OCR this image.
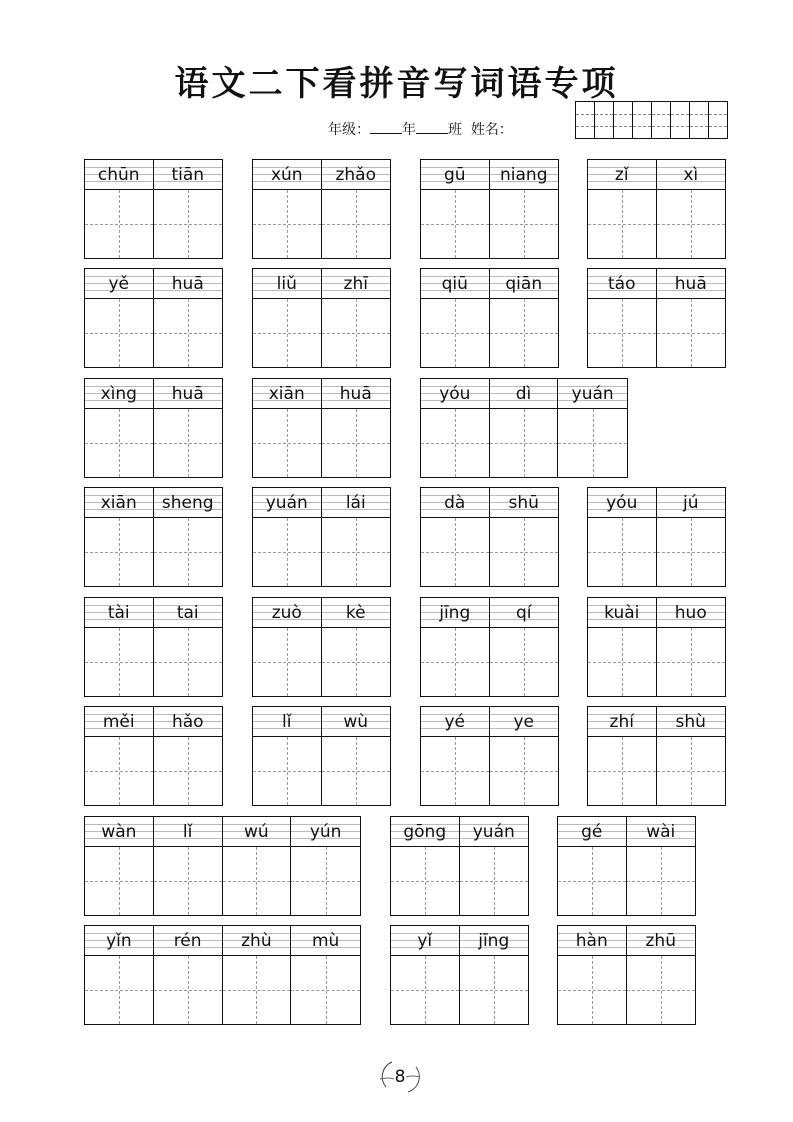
语文二下看拼音写词语专项
年级： 年 班 姓名：
chūn	tiān	xún	zhǎo	gū	niang	zǐ	xì
yě	huā	liǔ	zhī	qiū	qiān	táo	huā
xìng	huā	xiān	huā	yóu	dì	yuán
xiān	sheng	yuán	lái	dà	shū	yóu	jú
tài	tai	zuò	kè	jīng	qí	kuài	huo
měi	hǎo	lǐ	wù	yé	ye	zhí	shù
wàn	lǐ	wú	yún	gōng	yuán	gé	wài
yǐn	rén	zhù	mù	yǐ	jīng	hàn	zhū
8
